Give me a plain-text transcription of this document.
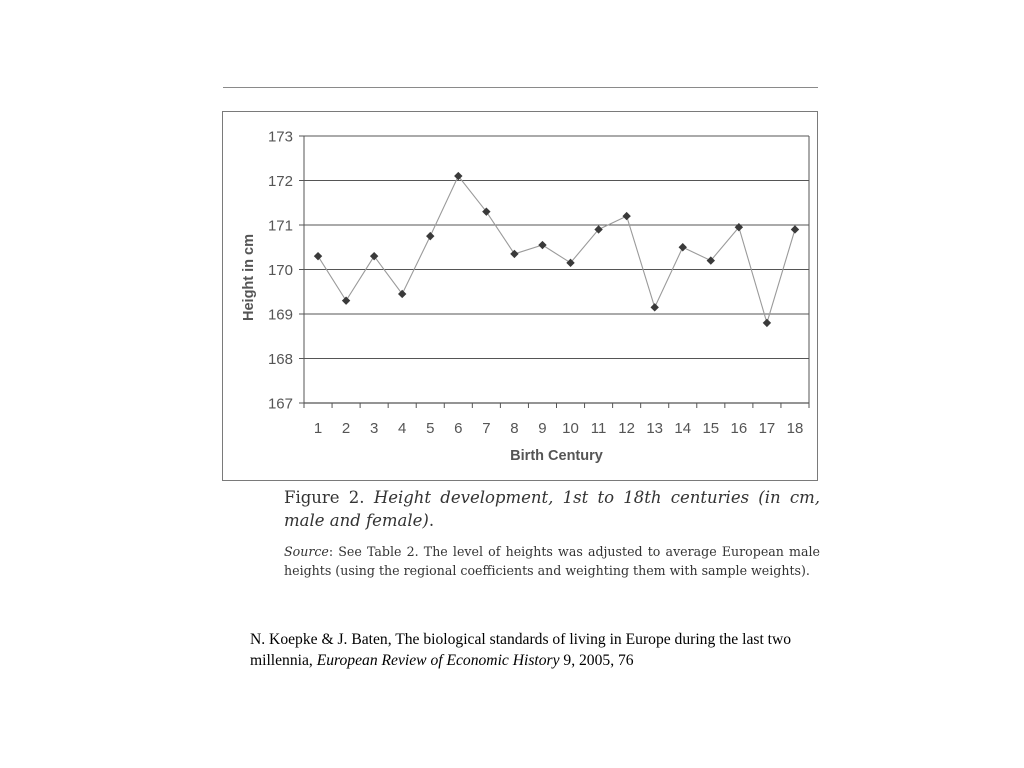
167
168
169
170
171
172
173
1 2 3 4 5 6 7 8 9 10 11 12 13 14 15 16 17 18
Birth Century
Height in cm
Figure 2. Height development, 1st to 18th centuries (in cm, male and female).
Source: See Table 2. The level of heights was adjusted to average European male heights (using the regional coefficients and weighting them with sample weights).
N. Koepke & J. Baten, The biological standards of living in Europe during the last two millennia, European Review of Economic History 9, 2005, 76
